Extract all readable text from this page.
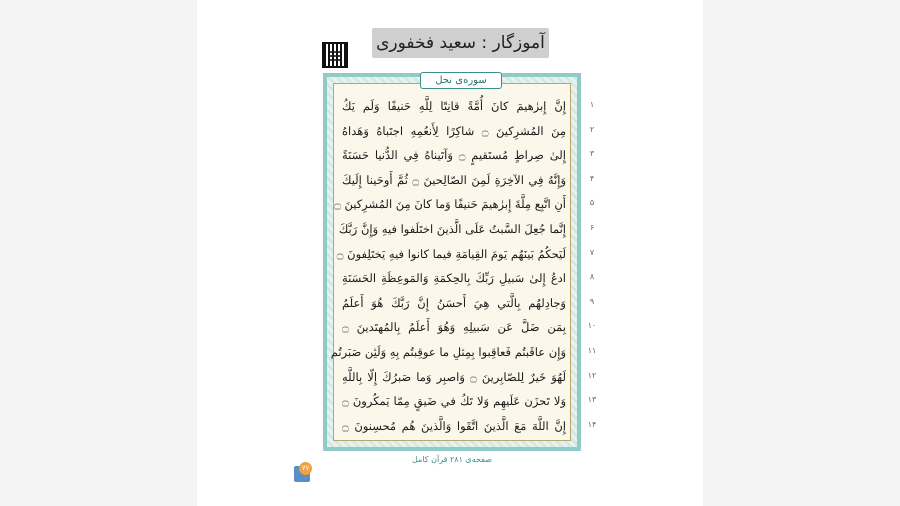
آموزگار : سعید فخفوری
سوره‌ی نحل
إِنَّ إِبرٰهيمَ كانَ أُمَّةً قانِتًا لِلَّهِ حَنيفًا وَلَم يَكُ
مِنَ المُشرِكينَ ۝ شاكِرًا لِأَنعُمِهِ اجتَباهُ وَهَداهُ
إِلىٰ صِراطٍ مُستَقيمٍ ۝ وَآتَيناهُ فِي الدُّنيا حَسَنَةً
وَإِنَّهُ فِي الآخِرَةِ لَمِنَ الصّالِحينَ ۝ ثُمَّ أَوحَينا إِلَيكَ
أَنِ اتَّبِع مِلَّةَ إِبرٰهيمَ حَنيفًا وَما كانَ مِنَ المُشرِكينَ ۝
إِنَّما جُعِلَ السَّبتُ عَلَى الَّذينَ اختَلَفوا فيهِ وَإِنَّ رَبَّكَ
لَيَحكُمُ بَينَهُم يَومَ القِيامَةِ فيما كانوا فيهِ يَختَلِفونَ ۝
ادعُ إِلىٰ سَبيلِ رَبِّكَ بِالحِكمَةِ وَالمَوعِظَةِ الحَسَنَةِ
وَجادِلهُم بِالَّتي هِيَ أَحسَنُ إِنَّ رَبَّكَ هُوَ أَعلَمُ
بِمَن ضَلَّ عَن سَبيلِهِ وَهُوَ أَعلَمُ بِالمُهتَدينَ ۝
وَإِن عاقَبتُم فَعاقِبوا بِمِثلِ ما عوقِبتُم بِهِ وَلَئِن صَبَرتُم
لَهُوَ خَيرٌ لِلصّابِرينَ ۝ وَاصبِر وَما صَبرُكَ إِلّا بِاللَّهِ
وَلا تَحزَن عَلَيهِم وَلا تَكُ في ضَيقٍ مِمّا يَمكُرونَ ۝
إِنَّ اللَّهَ مَعَ الَّذينَ اتَّقَوا وَالَّذينَ هُم مُحسِنونَ ۝
۱
۲
۳
۴
۵
۶
۷
۸
۹
۱۰
۱۱
۱۲
۱۳
۱۴
صفحه‌ی ۲۸۱ قرآن کامل
۷۷
